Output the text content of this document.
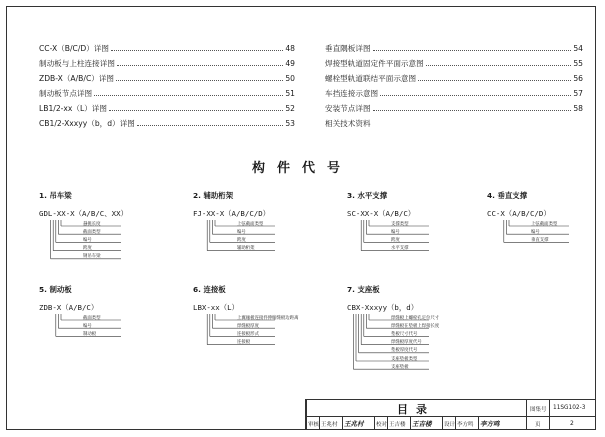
CC-X（B/C/D）详图	48
制动板与上柱连接详图	49
ZDB-X（A/B/C）详图	50
制动板节点详图	51
LB1/2-xx（L）详图	52
CB1/2-Xxxyy（b，d）详图	53
垂直隅板详图	54
焊接型轨道固定件平面示意图	55
螺栓型轨道联结平面示意图	56
车挡连接示意图	57
安装节点详图	58
相关技术资料
构件代号
1. 吊车梁
GDL-XX-X（A/B/C、XX）
悬挑长度
截面类型
编号
跨度
钢吊车梁
2. 辅助桁架
FJ-XX-X（A/B/C/D）
上弦截面类型
编号
跨度
辅助桁架
3. 水平支撑
SC-XX-X（A/B/C）
支撑类型
编号
跨度
水平支撑
4. 垂直支撑
CC-X（A/B/C/D）
上弦截面类型
编号
垂直支撑
5. 制动板
ZDB-X（A/B/C）
截面类型
编号
制动板
6. 连接板
LBX-xx（L）
上翼缘板连接件伸缩缝板边距离
焊缝板厚度
连接板形式
连接板
7. 支座板
CBX-Xxxyy（b，d）
焊缝板上螺栓孔定位尺寸
焊缝板在垫板上焊接长度
垫板尺寸代号
焊缝板厚度代号
垫板厚度代号
支座垫板类型
支座垫板
目录	图集号 11SG102-3
审核 王兆村 王兆村 校对 王吉楼 王吉楼 设计 李方鸣 李方鸣	页	2
